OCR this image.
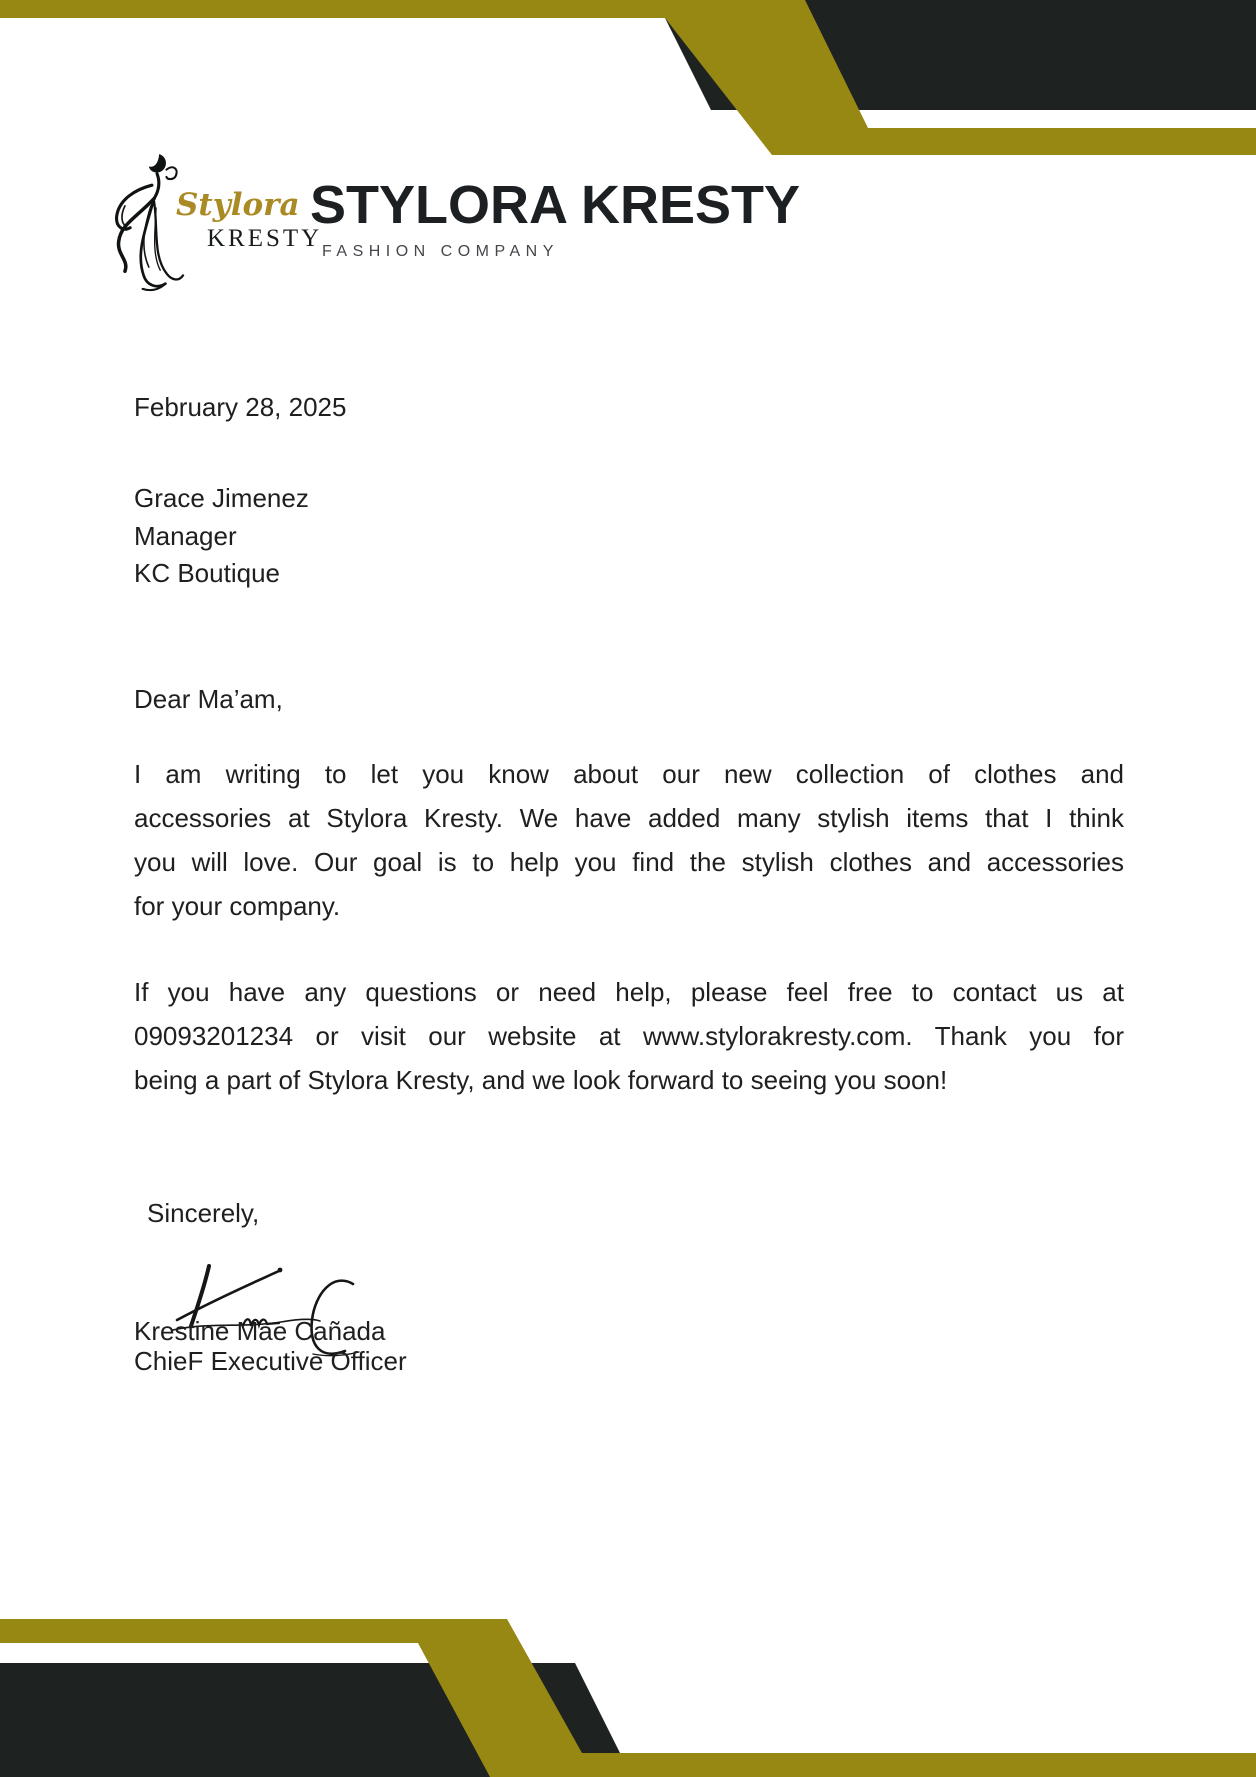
Stylora
KRESTY
STYLORA KRESTY
FASHION COMPANY
February 28, 2025
Grace Jimenez
Manager
KC Boutique
Dear Ma’am,
I am writing to let you know about our new collection of clothes and
accessories at Stylora Kresty. We have added many stylish items that I think
you will love. Our goal is to help you find the stylish clothes and accessories
for your company.
If you have any questions or need help, please feel free to contact us at
09093201234 or visit our website at www.stylorakresty.com. Thank you for
being a part of Stylora Kresty, and we look forward to seeing you soon!
Sincerely,
Krestine Mae Cañada
ChieF Executive Officer
